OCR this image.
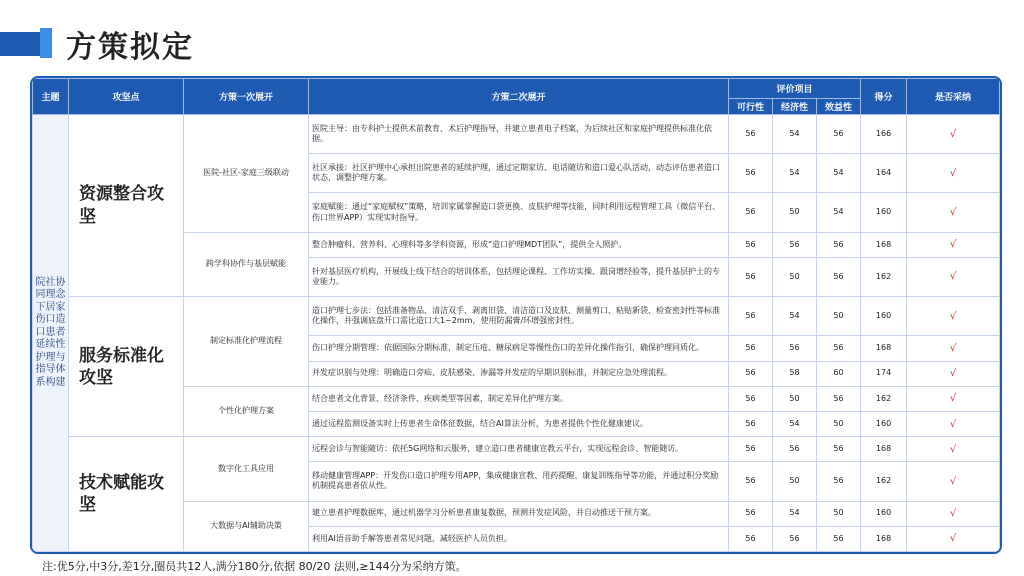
方策拟定
主题	攻坚点	方策一次展开	方策二次展开	评价项目			得分	是否采纳
				可行性	经济性	效益性		
院社协同理念下居家伤口造口患者延续性护理与指导体系构建	资源整合攻坚	医院-社区-家庭三级联动	医院主导：由专科护士提供术前教育、术后护理指导，并建立患者电子档案，为后续社区和家庭护理提供标准化依据。	56	54	56	166	√
			社区承接：社区护理中心承担出院患者的延续护理，通过定期家访、电话随访和造口爱心队活动，动态评估患者造口状态，调整护理方案。	56	54	54	164	√
			家庭赋能：通过“家庭赋权”策略，培训家属掌握造口袋更换、皮肤护理等技能，同时利用远程管理工具（微信平台、伤口世界APP）实现实时指导。	56	50	54	160	√
		跨学科协作与基层赋能	整合肿瘤科、营养科、心理科等多学科资源，形成“造口护理MDT团队”，提供全人照护。	56	56	56	168	√
			针对基层医疗机构，开展线上线下结合的培训体系，包括理论课程、工作坊实操、跟岗增经验等，提升基层护士的专业能力。	56	50	56	162	√
	服务标准化攻坚	制定标准化护理流程	造口护理七步法：包括准备物品、清洁双手、剥离旧袋、清洁造口及皮肤、测量剪口、粘贴新袋、检查密封性等标准化操作，并强调底盘开口需比造口大1~2mm，使用防漏膏/环增强密封性。	56	54	50	160	√
			伤口护理分期管理：依据国际分期标准，制定压疮、糖尿病足等慢性伤口的差异化操作指引，确保护理同质化。	56	56	56	168	√
			并发症识别与处理：明确造口旁疝、皮肤感染、渗漏等并发症的早期识别标准，并制定应急处理流程。	56	58	60	174	√
		个性化护理方案	结合患者文化背景、经济条件、疾病类型等因素，制定差异化护理方案。	56	50	56	162	√
			通过远程监测设备实时上传患者生命体征数据，结合AI算法分析，为患者提供个性化健康建议。	56	54	50	160	√
	技术赋能攻坚	数字化工具应用	远程会诊与智能随访：依托5G网络和云服务，建立造口患者健康宣教云平台，实现远程会诊、智能随访。	56	56	56	168	√
			移动健康管理APP：开发伤口造口护理专用APP，集成健康宣教、用药提醒、康复训练指导等功能，并通过积分奖励机制提高患者依从性。	56	50	56	162	√
		大数据与AI辅助决策	建立患者护理数据库，通过机器学习分析患者康复数据，预测并发症风险，并自动推送干预方案。	56	54	50	160	√
			利用AI语音助手解答患者常见问题，减轻医护人员负担。	56	56	56	168	√
注:优5分,中3分,差1分,圈员共12人,满分180分,依据 80/20 法则,≥144分为采纳方策。
